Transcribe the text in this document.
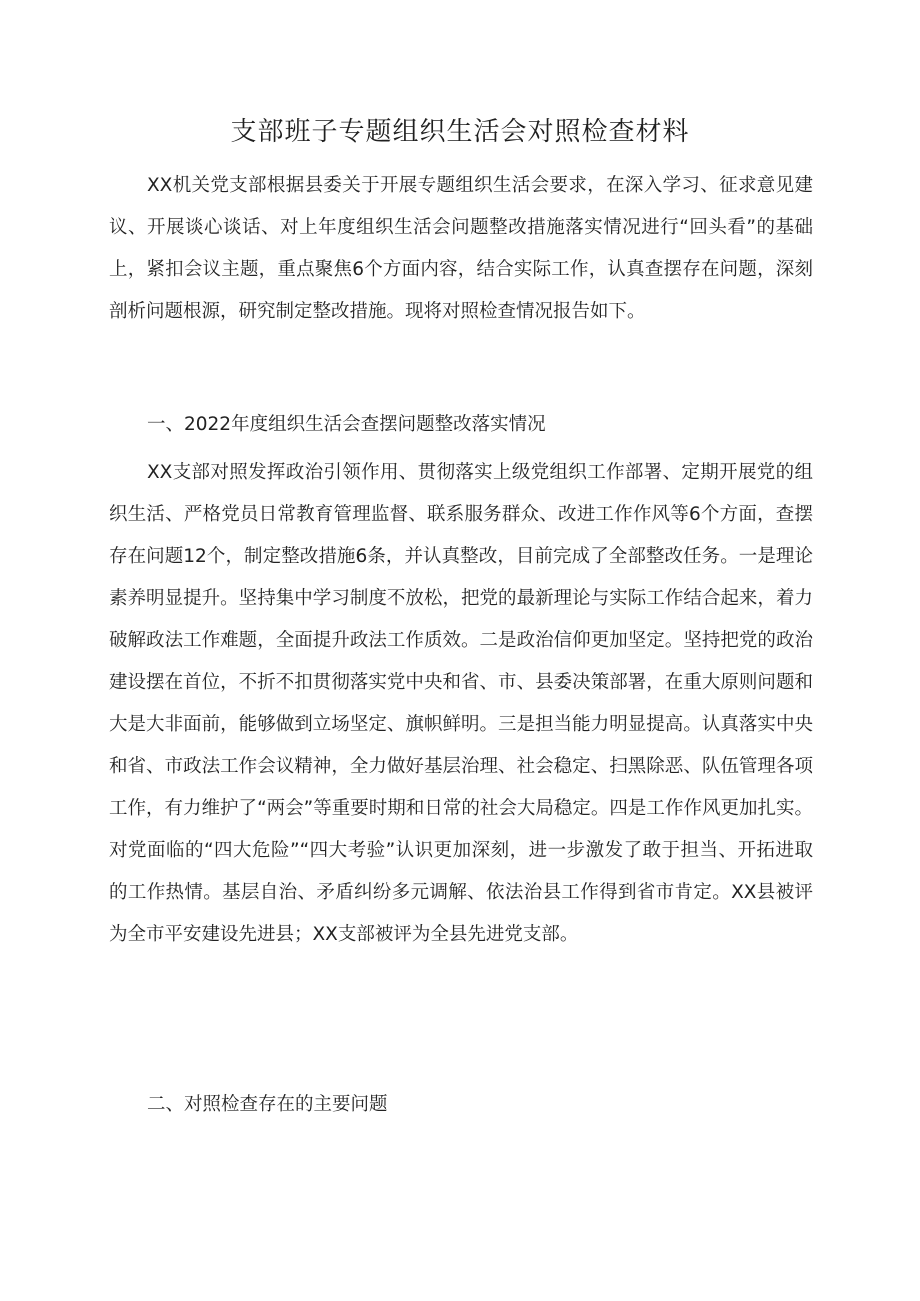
支部班子专题组织生活会对照检查材料

XX机关党支部根据县委关于开展专题组织生活会要求，在深入学习、征求意见建议、开展谈心谈话、对上年度组织生活会问题整改措施落实情况进行“回头看”的基础上，紧扣会议主题，重点聚焦6个方面内容，结合实际工作，认真查摆存在问题，深刻剖析问题根源，研究制定整改措施。现将对照检查情况报告如下。

一、2022年度组织生活会查摆问题整改落实情况

XX支部对照发挥政治引领作用、贯彻落实上级党组织工作部署、定期开展党的组织生活、严格党员日常教育管理监督、联系服务群众、改进工作作风等6个方面，查摆存在问题12个，制定整改措施6条，并认真整改，目前完成了全部整改任务。一是理论素养明显提升。坚持集中学习制度不放松，把党的最新理论与实际工作结合起来，着力破解政法工作难题，全面提升政法工作质效。二是政治信仰更加坚定。坚持把党的政治建设摆在首位，不折不扣贯彻落实党中央和省、市、县委决策部署，在重大原则问题和大是大非面前，能够做到立场坚定、旗帜鲜明。三是担当能力明显提高。认真落实中央和省、市政法工作会议精神，全力做好基层治理、社会稳定、扫黑除恶、队伍管理各项工作，有力维护了“两会”等重要时期和日常的社会大局稳定。四是工作作风更加扎实。对党面临的“四大危险”“四大考验”认识更加深刻，进一步激发了敢于担当、开拓进取的工作热情。基层自治、矛盾纠纷多元调解、依法治县工作得到省市肯定。XX县被评为全市平安建设先进县；XX支部被评为全县先进党支部。

二、对照检查存在的主要问题
